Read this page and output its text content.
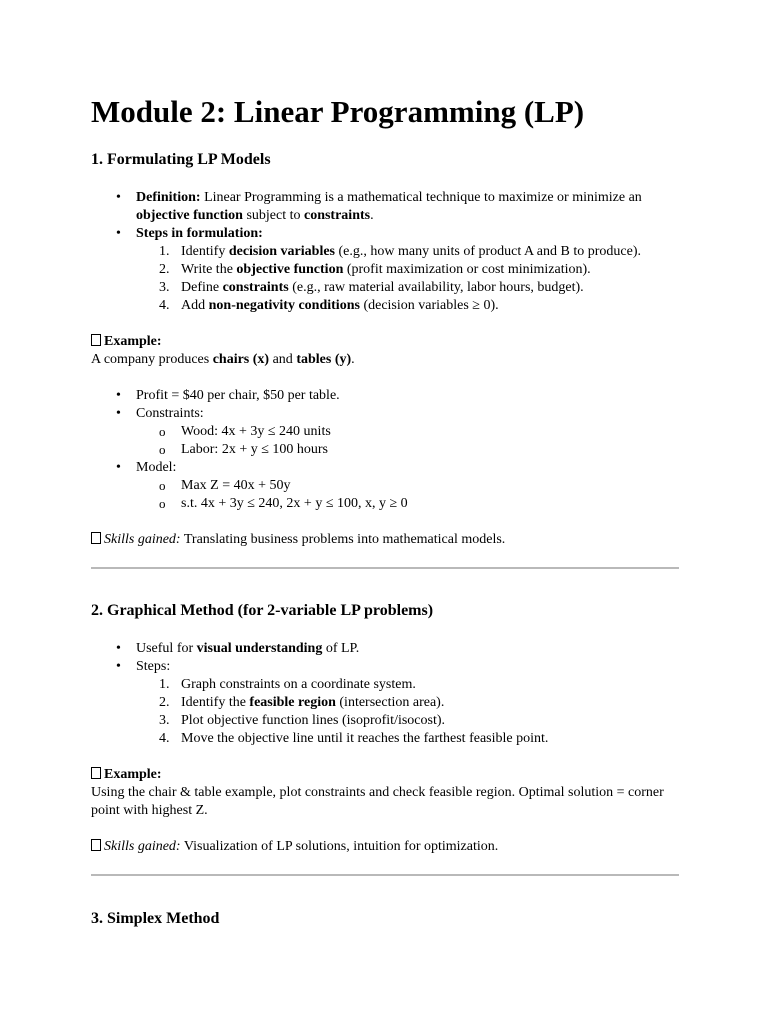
Module 2: Linear Programming (LP)
1. Formulating LP Models
• Definition: Linear Programming is a mathematical technique to maximize or minimize an objective function subject to constraints.
• Steps in formulation:
1. Identify decision variables (e.g., how many units of product A and B to produce).
2. Write the objective function (profit maximization or cost minimization).
3. Define constraints (e.g., raw material availability, labor hours, budget).
4. Add non-negativity conditions (decision variables ≥ 0).

Example:

A company produces chairs (x) and tables (y).

• Profit = $40 per chair, $50 per table.
• Constraints:
o Wood: 4x + 3y ≤ 240 units
o Labor: 2x + y ≤ 100 hours
• Model:
o Max Z = 40x + 50y
o s.t. 4x + 3y ≤ 240, 2x + y ≤ 100, x, y ≥ 0

Skills gained: Translating business problems into mathematical models.

2. Graphical Method (for 2-variable LP problems)
• Useful for visual understanding of LP.
• Steps:
1. Graph constraints on a coordinate system.
2. Identify the feasible region (intersection area).
3. Plot objective function lines (isoprofit/isocost).
4. Move the objective line until it reaches the farthest feasible point.

Example:

Using the chair & table example, plot constraints and check feasible region. Optimal solution = corner point with highest Z.

Skills gained: Visualization of LP solutions, intuition for optimization.

3. Simplex Method
